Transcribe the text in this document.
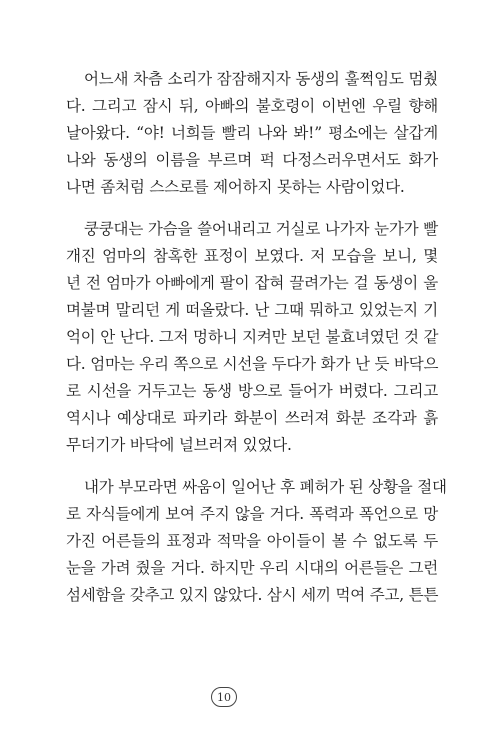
어느새 차츰 소리가 잠잠해지자 동생의 훌쩍임도 멈췄
다. 그리고 잠시 뒤, 아빠의 불호령이 이번엔 우릴 향해
날아왔다. “야! 너희들 빨리 나와 봐!” 평소에는 살갑게
나와 동생의 이름을 부르며 퍽 다정스러우면서도 화가
나면 좀처럼 스스로를 제어하지 못하는 사람이었다.
쿵쿵대는 가슴을 쓸어내리고 거실로 나가자 눈가가 빨
개진 엄마의 참혹한 표정이 보였다. 저 모습을 보니, 몇
년 전 엄마가 아빠에게 팔이 잡혀 끌려가는 걸 동생이 울
며불며 말리던 게 떠올랐다. 난 그때 뭐하고 있었는지 기
억이 안 난다. 그저 멍하니 지켜만 보던 불효녀였던 것 같
다. 엄마는 우리 쪽으로 시선을 두다가 화가 난 듯 바닥으
로 시선을 거두고는 동생 방으로 들어가 버렸다. 그리고
역시나 예상대로 파키라 화분이 쓰러져 화분 조각과 흙
무더기가 바닥에 널브러져 있었다.
내가 부모라면 싸움이 일어난 후 폐허가 된 상황을 절대
로 자식들에게 보여 주지 않을 거다. 폭력과 폭언으로 망
가진 어른들의 표정과 적막을 아이들이 볼 수 없도록 두
눈을 가려 줬을 거다. 하지만 우리 시대의 어른들은 그런
섬세함을 갖추고 있지 않았다. 삼시 세끼 먹여 주고, 튼튼
10
